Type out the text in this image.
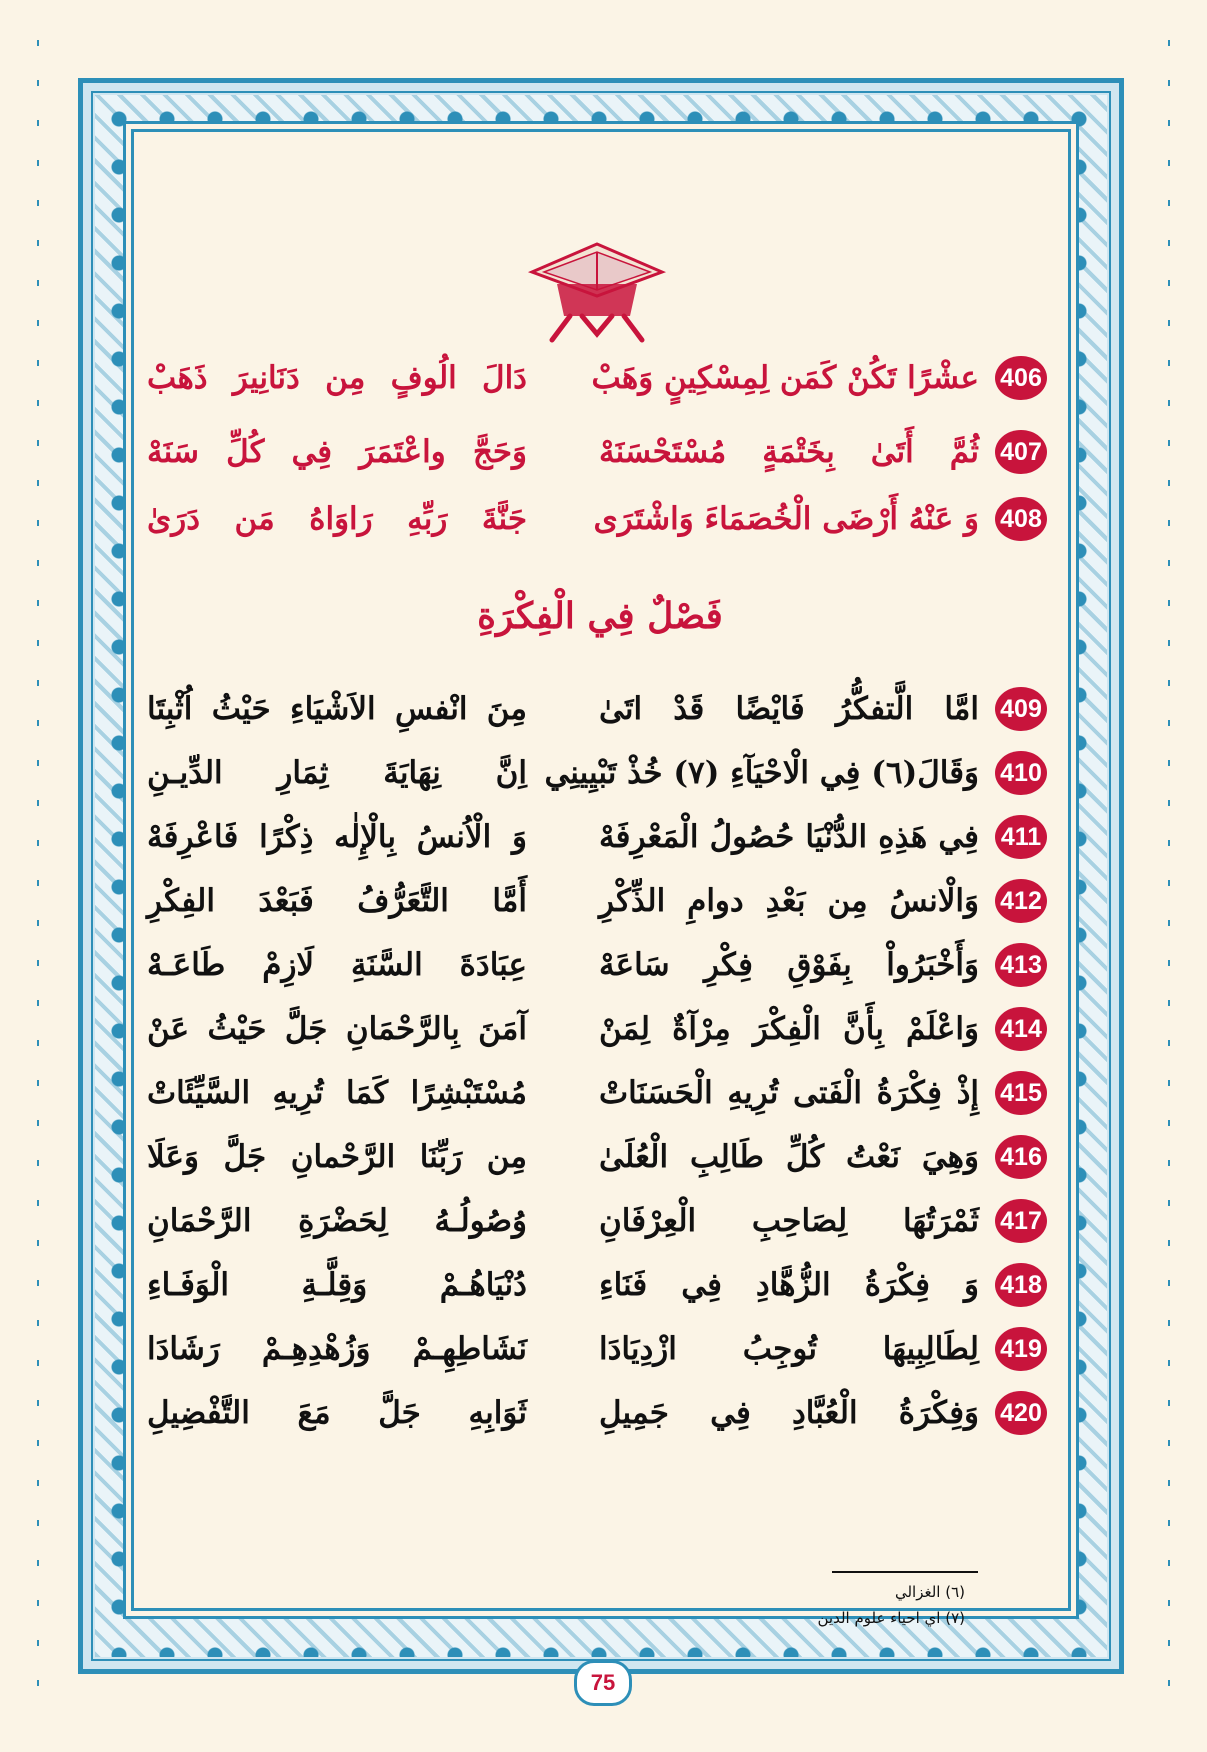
406
عشْرًا تَكُنْ كَمَن لِمِسْكِينٍ وَهَبْ
دَالَ الُوفٍ مِن دَنَانِيرَ ذَهَبْ
407
ثُمَّ أَتَىٰ بِخَتْمَةٍ مُسْتَحْسَنَهْ
وَحَجَّ واعْتَمَرَ فِي كُلِّ سَنَهْ
408
وَ عَنْهُ أَرْضَى الْخُصَمَاءَ وَاشْتَرَى
جَنَّةَ رَبِّهِ رَاوَاهُ مَن دَرَىٰ
فَصْلٌ فِي الْفِكْرَةِ
409
امَّا الَّتفكُّرُ فَايْضًا قَدْ اتَىٰ
مِنَ انْفسِ الاَشْيَاءِ حَيْثُ اُثْبِتَا
410
وَقَالَ(٦) فِي الْاحْيَآءِ (٧) خُذْ تَبْيِينِي
اِنَّ نِهَايَةَ ثِمَارِ الدِّيـنِ
411
فِي هَذِهِ الدُّنْيَا حُصُولُ الْمَعْرِفَهْ
وَ الْاُنسُ بِالْإِلٰه ذِكْرًا فَاعْرِفَهْ
412
وَالْانسُ مِن بَعْدِ دوامِ الذِّكْرِ
أَمَّا التَّعَرُّفُ فَبَعْدَ الفِكْرِ
413
وَأَخْبَرُواْ بِفَوْقِ فِكْرِ سَاعَهْ
عِبَادَةَ السَّنَةِ لَازِمْ طَاعَـهْ
414
وَاعْلَمْ بِأَنَّ الْفِكْرَ مِرْآةٌ لِمَنْ
آمَنَ بِالرَّحْمَانِ جَلَّ حَيْثُ عَنْ
415
إِذْ فِكْرَةُ الْفَتى تُرِيهِ الْحَسَنَاتْ
مُسْتَبْشِرًا كَمَا تُرِيهِ السَّيِّئَاتْ
416
وَهِيَ نَعْتُ كُلِّ طَالِبِ الْعُلَىٰ
مِن رَبِّنَا الرَّحْمانِ جَلَّ وَعَلَا
417
ثَمْرَتُهَا لِصَاحِبِ الْعِرْفَانِ
وُصُولُـهُ لِحَضْرَةِ الرَّحْمَانِ
418
وَ فِكْرَةُ الزُّهَّادِ فِي فَنَاءِ
دُنْيَاهُـمْ وَقِلَّـةِ الْوَفَـاءِ
419
لِطَالِبِيهَا تُوجِبُ ازْدِيَادَا
نَشَاطِهِـمْ وَزُهْدِهِـمْ رَشَادَا
420
وَفِكْرَةُ الْعُبَّادِ فِي جَمِيلِ
ثَوَابِهِ جَلَّ مَعَ التَّفْضِيلِ
(٦) الغزالي
(٧) اي احياء علوم الدين
75
